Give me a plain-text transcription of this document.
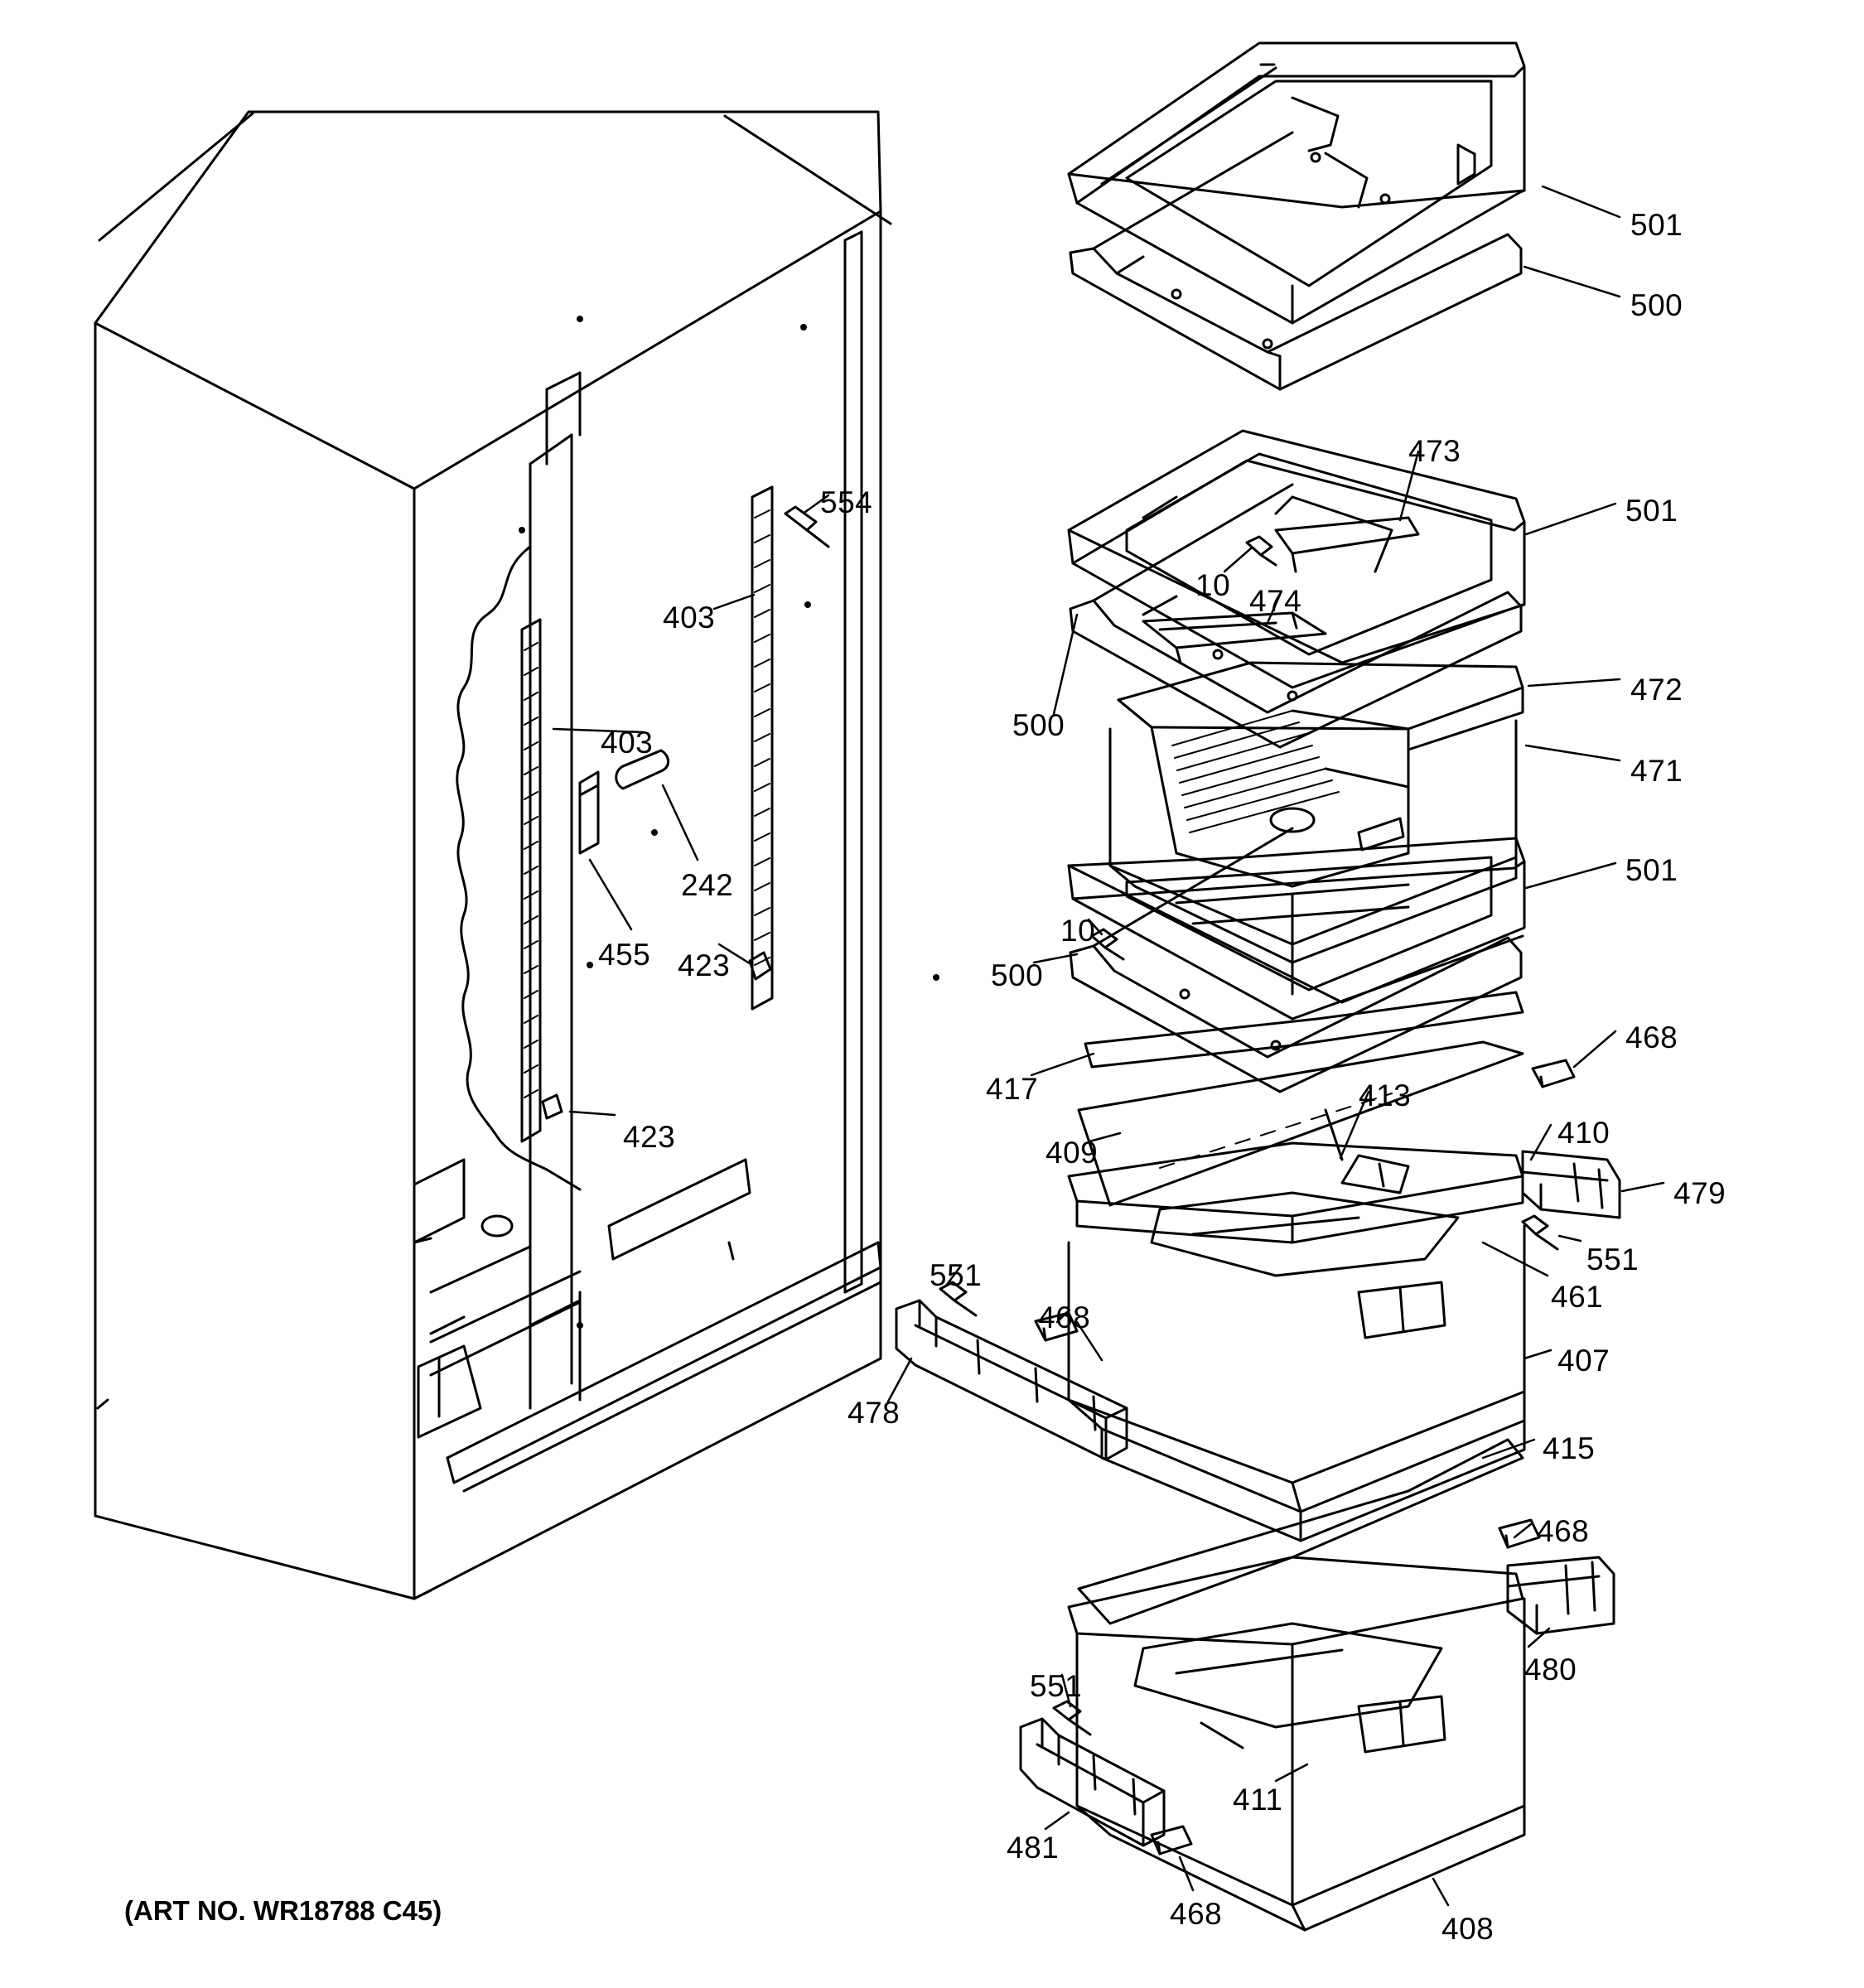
501
500
473
501
10 474
472
500
471
501
10
500
468
417	413
410
409
479
551
461
551
468
407
478
415
468
480
551
411
481
468	408
554
403
403
242
455 423
423
(ART NO. WR18788 C45)
